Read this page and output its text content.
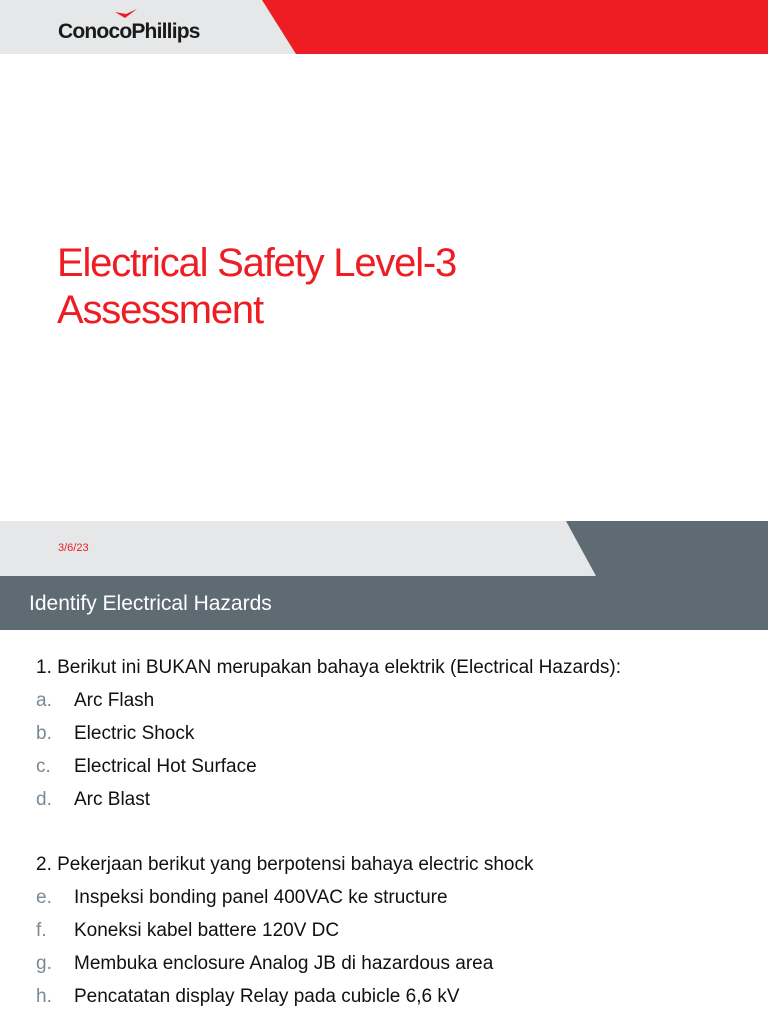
ConocoPhillips
Electrical Safety Level-3
Assessment
3/6/23
Identify Electrical Hazards
1. Berikut ini BUKAN merupakan bahaya elektrik (Electrical Hazards):
a. Arc Flash
b. Electric Shock
c. Electrical Hot Surface
d. Arc Blast
2. Pekerjaan berikut yang berpotensi bahaya electric shock
e. Inspeksi bonding panel 400VAC ke structure
f. Koneksi kabel battere 120V DC
g. Membuka enclosure Analog JB di hazardous area
h. Pencatatan display Relay pada cubicle 6,6 kV
